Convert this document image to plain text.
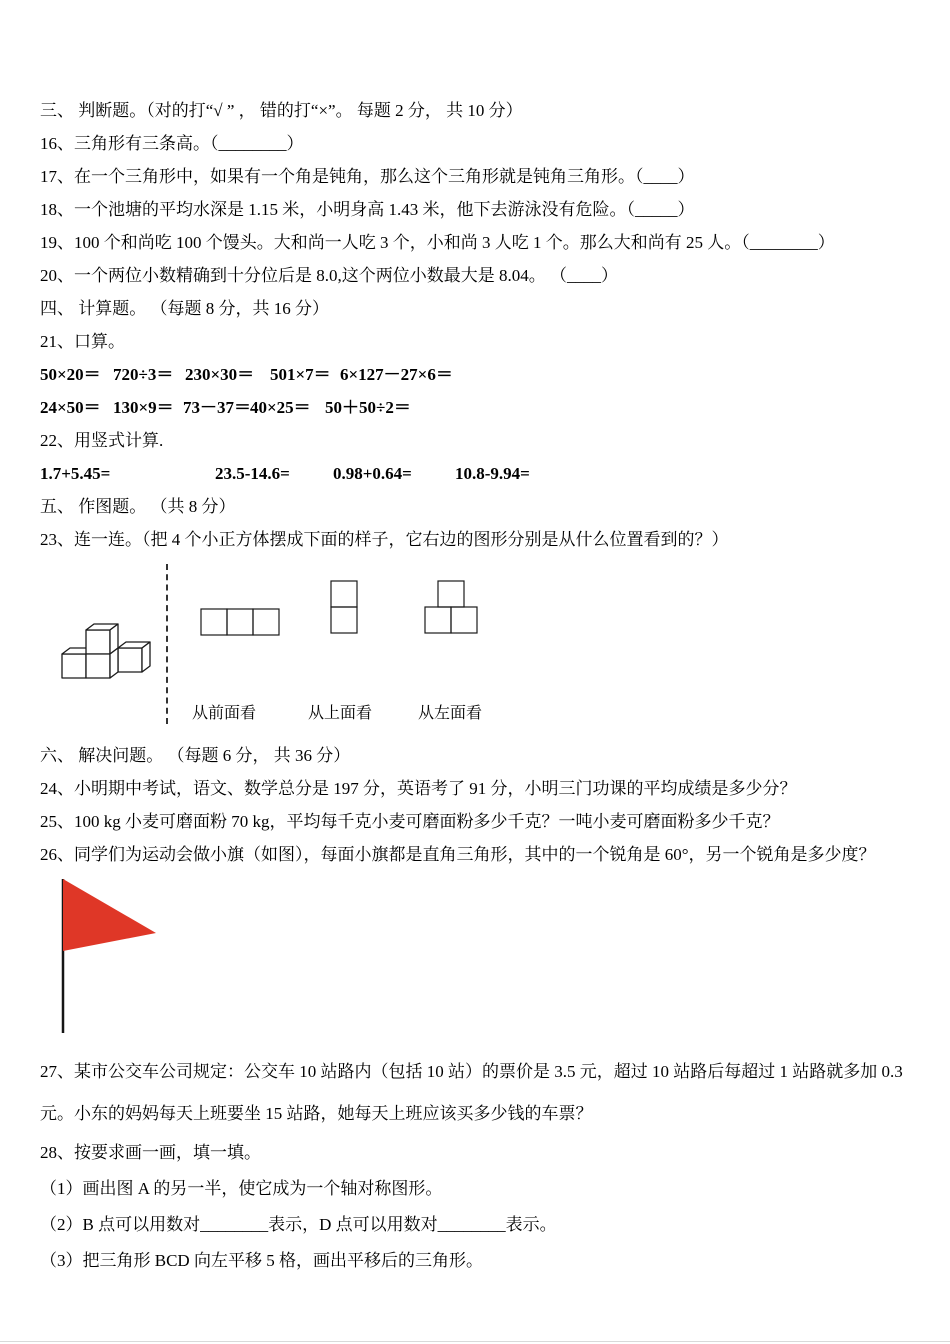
三、 判断题。（对的打“√ ” ， 错的打“×”。 每题 2 分， 共 10 分）

16、三角形有三条高。（________）

17、在一个三角形中，如果有一个角是钝角，那么这个三角形就是钝角三角形。（____）

18、一个池塘的平均水深是 1.15 米，小明身高 1.43 米，他下去游泳没有危险。（_____）

19、100 个和尚吃 100 个馒头。大和尚一人吃 3 个，小和尚 3 人吃 1 个。那么大和尚有 25 人。（________）

20、一个两位小数精确到十分位后是 8.0,这个两位小数最大是 8.04。 （____）

四、 计算题。 （每题 8 分，共 16 分）

21、口算。

50×20＝ 720÷3＝ 230×30＝ 501×7＝ 6×127－27×6＝

24×50＝ 130×9＝ 73－37＝40×25＝ 50＋50÷2＝

22、用竖式计算.

1.7+5.45=	23.5-14.6=	0.98+0.64=	10.8-9.94=

五、 作图题。 （共 8 分）

23、连一连。（把 4 个小正方体摆成下面的样子，它右边的图形分别是从什么位置看到的？）

从前面看	从上面看	从左面看

六、 解决问题。 （每题 6 分， 共 36 分）

24、小明期中考试，语文、数学总分是 197 分，英语考了 91 分，小明三门功课的平均成绩是多少分？

25、100 kg 小麦可磨面粉 70 kg，平均每千克小麦可磨面粉多少千克？一吨小麦可磨面粉多少千克？

26、同学们为运动会做小旗（如图），每面小旗都是直角三角形，其中的一个锐角是 60°，另一个锐角是多少度？

27、某市公交车公司规定：公交车 10 站路内（包括 10 站）的票价是 3.5 元，超过 10 站路后每超过 1 站路就多加 0.3 元。小东的妈妈每天上班要坐 15 站路，她每天上班应该买多少钱的车票？

28、按要求画一画，填一填。

（1）画出图 A 的另一半，使它成为一个轴对称图形。

（2）B 点可以用数对________表示，D 点可以用数对________表示。

（3）把三角形 BCD 向左平移 5 格，画出平移后的三角形。
